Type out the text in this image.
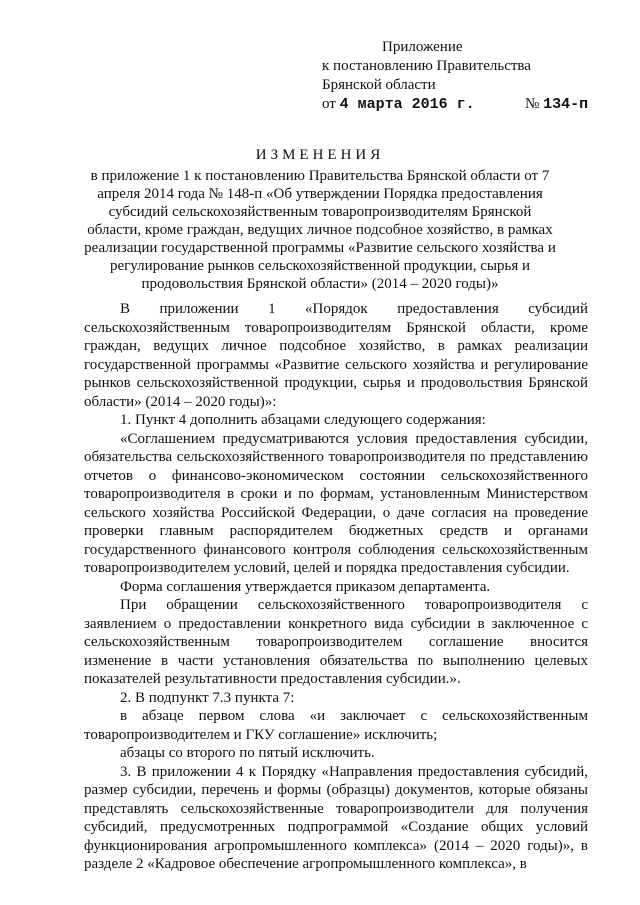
Приложение
к постановлению Правительства
Брянской области
от 4 марта 2016 г.	№ 134-п
ИЗМЕНЕНИЯ
в приложение 1 к постановлению Правительства Брянской области от 7 апреля 2014 года № 148-п «Об утверждении Порядка предоставления субсидий сельскохозяйственным товаропроизводителям Брянской области, кроме граждан, ведущих личное подсобное хозяйство, в рамках реализации государственной программы «Развитие сельского хозяйства и регулирование рынков сельскохозяйственной продукции, сырья и продовольствия Брянской области» (2014 – 2020 годы)»

В приложении 1 «Порядок предоставления субсидий сельскохозяйственным товаропроизводителям Брянской области, кроме граждан, ведущих личное подсобное хозяйство, в рамках реализации государственной программы «Развитие сельского хозяйства и регулирование рынков сельскохозяйственной продукции, сырья и продовольствия Брянской области» (2014 – 2020 годы)»:

1. Пункт 4 дополнить абзацами следующего содержания:

«Соглашением предусматриваются условия предоставления субсидии, обязательства сельскохозяйственного товаропроизводителя по представлению отчетов о финансово-экономическом состоянии сельскохозяйственного товаропроизводителя в сроки и по формам, установленным Министерством сельского хозяйства Российской Федерации, о даче согласия на проведение проверки главным распорядителем бюджетных средств и органами государственного финансового контроля соблюдения сельскохозяйственным товаропроизводителем условий, целей и порядка предоставления субсидии.

Форма соглашения утверждается приказом департамента.

При обращении сельскохозяйственного товаропроизводителя с заявлением о предоставлении конкретного вида субсидии в заключенное с сельскохозяйственным товаропроизводителем соглашение вносится изменение в части установления обязательства по выполнению целевых показателей результативности предоставления субсидии.».

2. В подпункт 7.3 пункта 7:

в абзаце первом слова «и заключает с сельскохозяйственным товаропроизводителем и ГКУ соглашение» исключить;

абзацы со второго по пятый исключить.

3. В приложении 4 к Порядку «Направления предоставления субсидий, размер субсидии, перечень и формы (образцы) документов, которые обязаны представлять сельскохозяйственные товаропроизводители для получения субсидий, предусмотренных подпрограммой «Создание общих условий функционирования агропромышленного комплекса» (2014 – 2020 годы)», в разделе 2 «Кадровое обеспечение агропромышленного комплекса», в
